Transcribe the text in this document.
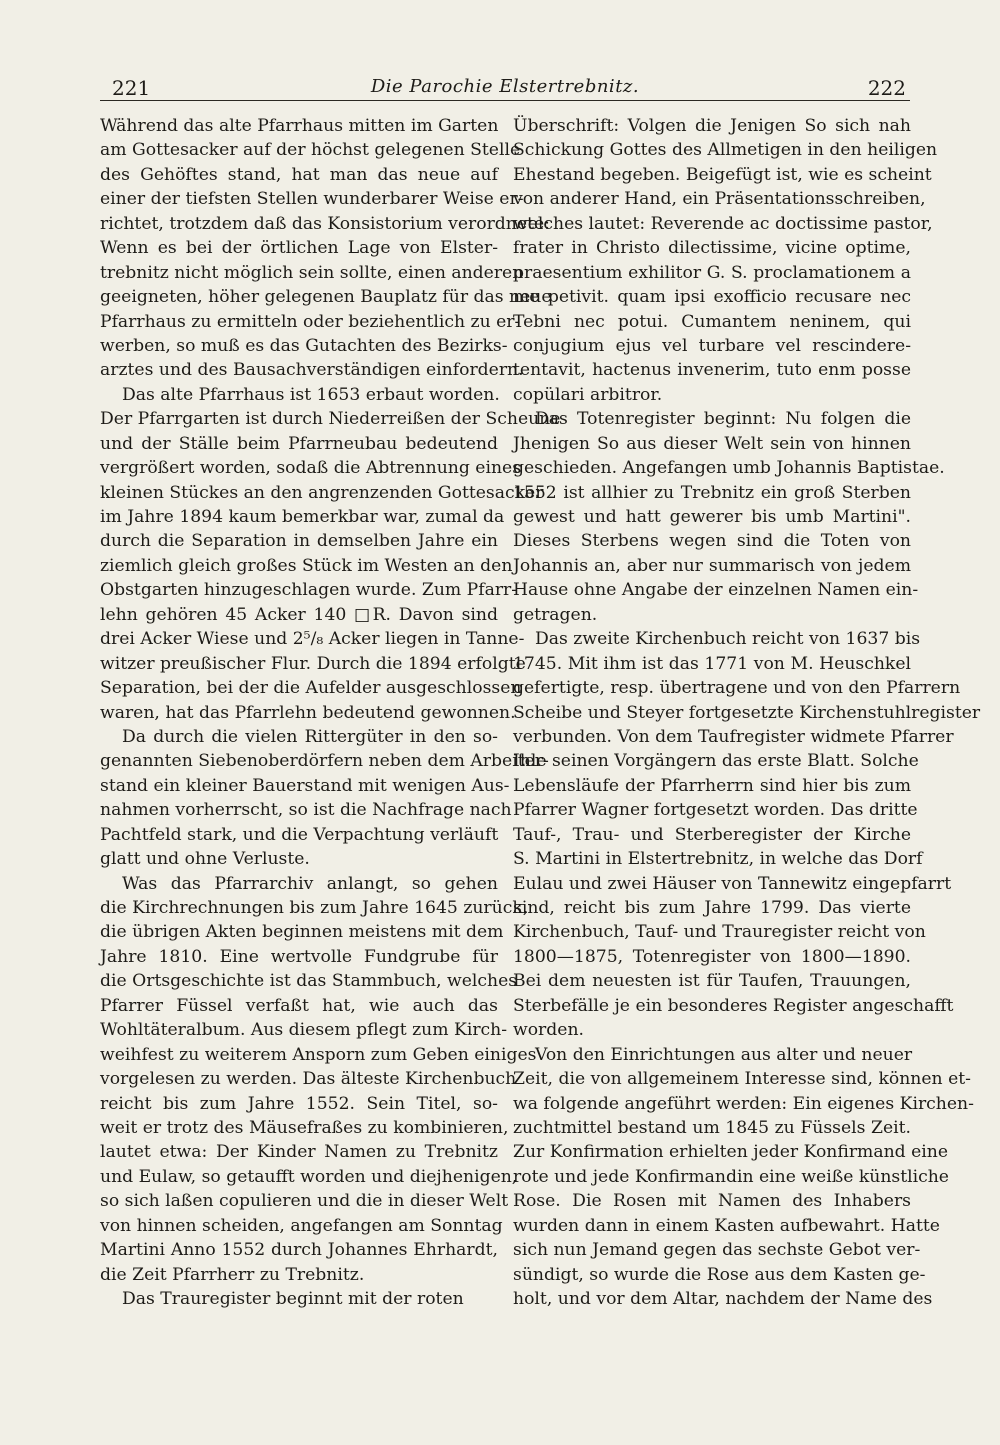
221	Die Parochie Elstertrebnitz.	222
Während das alte Pfarrhaus mitten im Garten
am Gottesacker auf der höchst gelegenen Stelle
des Gehöftes stand, hat man das neue auf
einer der tiefsten Stellen wunderbarer Weise er-
richtet, trotzdem daß das Konsistorium verordnete:
Wenn es bei der örtlichen Lage von Elster-
trebnitz nicht möglich sein sollte, einen anderen
geeigneten, höher gelegenen Bauplatz für das neue
Pfarrhaus zu ermitteln oder beziehentlich zu er-
werben, so muß es das Gutachten des Bezirks-
arztes und des Bausachverständigen einfordern.
Das alte Pfarrhaus ist 1653 erbaut worden.
Der Pfarrgarten ist durch Niederreißen der Scheune
und der Ställe beim Pfarrneubau bedeutend
vergrößert worden, sodaß die Abtrennung eines
kleinen Stückes an den angrenzenden Gottesacker
im Jahre 1894 kaum bemerkbar war, zumal da
durch die Separation in demselben Jahre ein
ziemlich gleich großes Stück im Westen an den
Obstgarten hinzugeschlagen wurde. Zum Pfarr-
lehn gehören 45 Acker 140 □R. Davon sind
drei Acker Wiese und 2⁵/₈ Acker liegen in Tanne-
witzer preußischer Flur. Durch die 1894 erfolgte
Separation, bei der die Aufelder ausgeschlossen
waren, hat das Pfarrlehn bedeutend gewonnen.
Da durch die vielen Rittergüter in den so-
genannten Siebenoberdörfern neben dem Arbeiter-
stand ein kleiner Bauerstand mit wenigen Aus-
nahmen vorherrscht, so ist die Nachfrage nach
Pachtfeld stark, und die Verpachtung verläuft
glatt und ohne Verluste.
Was das Pfarrarchiv anlangt, so gehen
die Kirchrechnungen bis zum Jahre 1645 zurück,
die übrigen Akten beginnen meistens mit dem
Jahre 1810. Eine wertvolle Fundgrube für
die Ortsgeschichte ist das Stammbuch, welches
Pfarrer Füssel verfaßt hat, wie auch das
Wohltäteralbum. Aus diesem pflegt zum Kirch-
weihfest zu weiterem Ansporn zum Geben einiges
vorgelesen zu werden. Das älteste Kirchenbuch
reicht bis zum Jahre 1552. Sein Titel, so-
weit er trotz des Mäusefraßes zu kombinieren,
lautet etwa: Der Kinder Namen zu Trebnitz
und Eulaw, so getaufft worden und diejhenigen,
so sich laßen copulieren und die in dieser Welt
von hinnen scheiden, angefangen am Sonntag
Martini Anno 1552 durch Johannes Ehrhardt,
die Zeit Pfarrherr zu Trebnitz.
Das Trauregister beginnt mit der roten
Überschrift: Volgen die Jenigen So sich nah
Schickung Gottes des Allmetigen in den heiligen
Ehestand begeben. Beigefügt ist, wie es scheint
von anderer Hand, ein Präsentationsschreiben,
welches lautet: Reverende ac doctissime pastor,
frater in Christo dilectissime, vicine optime,
praesentium exhilitor G. S. proclamationem a
me petivit. quam ipsi exofficio recusare nec
Tebni nec potui. Cumantem neninem, qui
conjugium ejus vel turbare vel rescindere-
tentavit, hactenus invenerim, tuto enm posse
copülari arbitror.
Das Totenregister beginnt: Nu folgen die
Jhenigen So aus dieser Welt sein von hinnen
geschieden. Angefangen umb Johannis Baptistae.
1552 ist allhier zu Trebnitz ein groß Sterben
gewest und hatt gewerer bis umb Martini".
Dieses Sterbens wegen sind die Toten von
Johannis an, aber nur summarisch von jedem
Hause ohne Angabe der einzelnen Namen ein-
getragen.
Das zweite Kirchenbuch reicht von 1637 bis
1745. Mit ihm ist das 1771 von M. Heuschkel
gefertigte, resp. übertragene und von den Pfarrern
Scheibe und Steyer fortgesetzte Kirchenstuhlregister
verbunden. Von dem Taufregister widmete Pfarrer
Ihle seinen Vorgängern das erste Blatt. Solche
Lebensläufe der Pfarrherrn sind hier bis zum
Pfarrer Wagner fortgesetzt worden. Das dritte
Tauf-, Trau- und Sterberegister der Kirche
S. Martini in Elstertrebnitz, in welche das Dorf
Eulau und zwei Häuser von Tannewitz eingepfarrt
sind, reicht bis zum Jahre 1799. Das vierte
Kirchenbuch, Tauf- und Trauregister reicht von
1800—1875, Totenregister von 1800—1890.
Bei dem neuesten ist für Taufen, Trauungen,
Sterbefälle je ein besonderes Register angeschafft
worden.
Von den Einrichtungen aus alter und neuer
Zeit, die von allgemeinem Interesse sind, können et-
wa folgende angeführt werden: Ein eigenes Kirchen-
zuchtmittel bestand um 1845 zu Füssels Zeit.
Zur Konfirmation erhielten jeder Konfirmand eine
rote und jede Konfirmandin eine weiße künstliche
Rose. Die Rosen mit Namen des Inhabers
wurden dann in einem Kasten aufbewahrt. Hatte
sich nun Jemand gegen das sechste Gebot ver-
sündigt, so wurde die Rose aus dem Kasten ge-
holt, und vor dem Altar, nachdem der Name des
